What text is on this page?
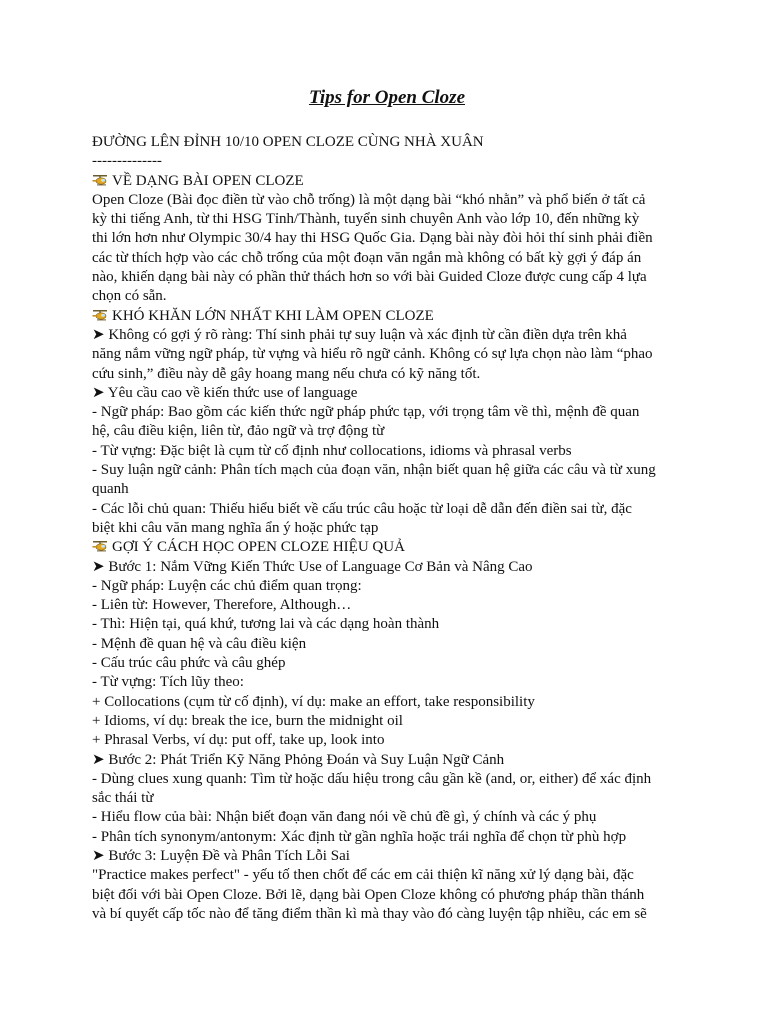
Tips for Open Cloze
ĐƯỜNG LÊN ĐỈNH 10/10 OPEN CLOZE CÙNG NHÀ XUÂN
--------------
VỀ DẠNG BÀI OPEN CLOZE
Open Cloze (Bài đọc điền từ vào chỗ trống) là một dạng bài “khó nhằn” và phổ biến ở tất cả
kỳ thi tiếng Anh, từ thi HSG Tỉnh/Thành, tuyển sinh chuyên Anh vào lớp 10, đến những kỳ
thi lớn hơn như Olympic 30/4 hay thi HSG Quốc Gia. Dạng bài này đòi hỏi thí sinh phải điền
các từ thích hợp vào các chỗ trống của một đoạn văn ngắn mà không có bất kỳ gợi ý đáp án
nào, khiến dạng bài này có phần thử thách hơn so với bài Guided Cloze được cung cấp 4 lựa
chọn có sẵn.
KHÓ KHĂN LỚN NHẤT KHI LÀM OPEN CLOZE
➤ Không có gợi ý rõ ràng: Thí sinh phải tự suy luận và xác định từ cần điền dựa trên khả
năng nắm vững ngữ pháp, từ vựng và hiểu rõ ngữ cảnh. Không có sự lựa chọn nào làm “phao
cứu sinh,” điều này dễ gây hoang mang nếu chưa có kỹ năng tốt.
➤ Yêu cầu cao về kiến thức use of language
- Ngữ pháp: Bao gồm các kiến thức ngữ pháp phức tạp, với trọng tâm về thì, mệnh đề quan
hệ, câu điều kiện, liên từ, đảo ngữ và trợ động từ
- Từ vựng: Đặc biệt là cụm từ cố định như collocations, idioms và phrasal verbs
- Suy luận ngữ cảnh: Phân tích mạch của đoạn văn, nhận biết quan hệ giữa các câu và từ xung
quanh
- Các lỗi chủ quan: Thiếu hiểu biết về cấu trúc câu hoặc từ loại dễ dẫn đến điền sai từ, đặc
biệt khi câu văn mang nghĩa ẩn ý hoặc phức tạp
GỢI Ý CÁCH HỌC OPEN CLOZE HIỆU QUẢ
➤ Bước 1: Nắm Vững Kiến Thức Use of Language Cơ Bản và Nâng Cao
- Ngữ pháp: Luyện các chủ điểm quan trọng:
- Liên từ: However, Therefore, Although…
- Thì: Hiện tại, quá khứ, tương lai và các dạng hoàn thành
- Mệnh đề quan hệ và câu điều kiện
- Cấu trúc câu phức và câu ghép
- Từ vựng: Tích lũy theo:
+ Collocations (cụm từ cố định), ví dụ: make an effort, take responsibility
+ Idioms, ví dụ: break the ice, burn the midnight oil
+ Phrasal Verbs, ví dụ: put off, take up, look into
➤ Bước 2: Phát Triển Kỹ Năng Phỏng Đoán và Suy Luận Ngữ Cảnh
- Dùng clues xung quanh: Tìm từ hoặc dấu hiệu trong câu gần kề (and, or, either) để xác định
sắc thái từ
- Hiểu flow của bài: Nhận biết đoạn văn đang nói về chủ đề gì, ý chính và các ý phụ
- Phân tích synonym/antonym: Xác định từ gần nghĩa hoặc trái nghĩa để chọn từ phù hợp
➤ Bước 3: Luyện Đề và Phân Tích Lỗi Sai
"Practice makes perfect" - yếu tố then chốt để các em cải thiện kĩ năng xử lý dạng bài, đặc
biệt đối với bài Open Cloze. Bởi lẽ, dạng bài Open Cloze không có phương pháp thần thánh
và bí quyết cấp tốc nào để tăng điểm thần kì mà thay vào đó càng luyện tập nhiều, các em sẽ
